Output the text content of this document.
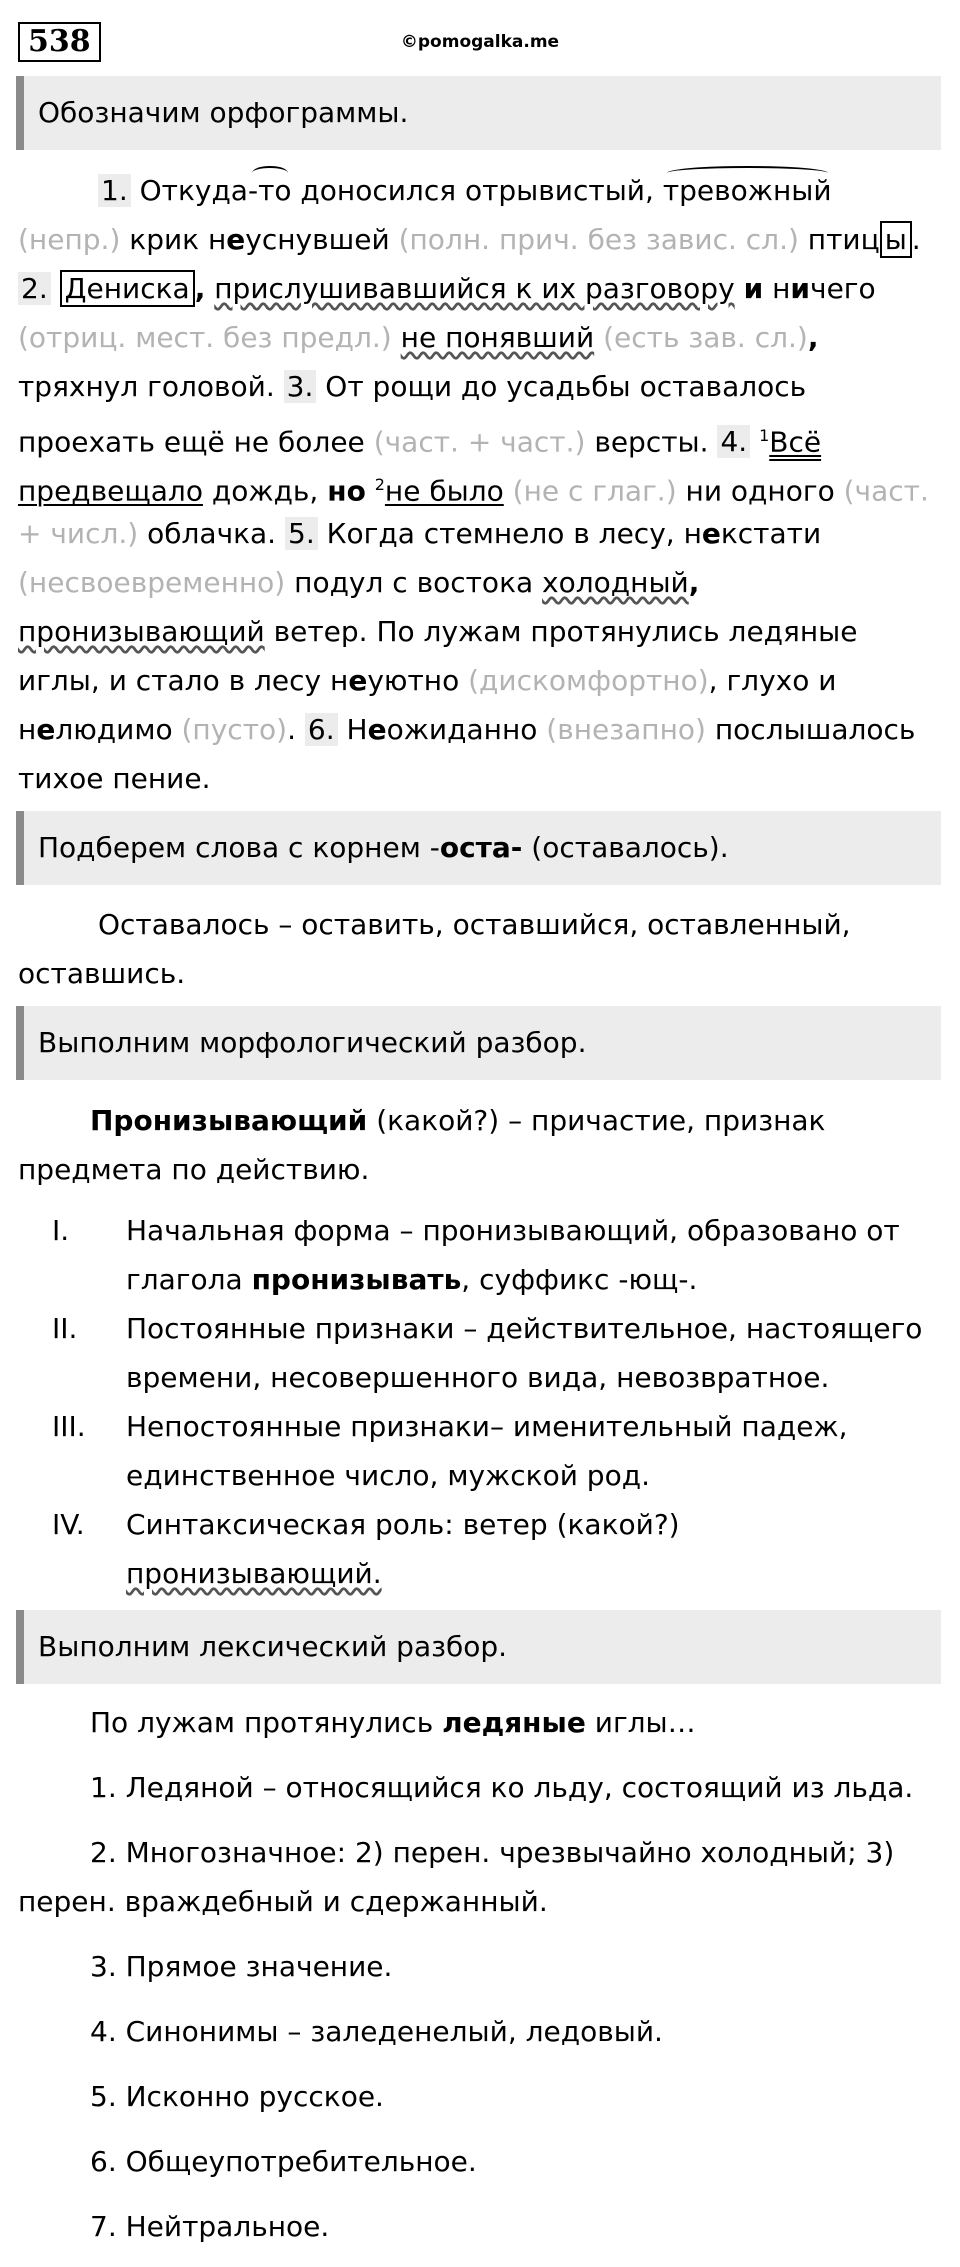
538	©pomogalka.me
Обозначим орфограммы.
1. Откуда-то доносился отрывистый, тревожный
(непр.) крик неуснувшей (полн. прич. без завис. сл.) птиц ы .
2. Дениска , прислушивавшийся к их разговору и ничего
(отриц. мест. без предл.) не понявший (есть зав. сл.),
тряхнул головой. 3. От рощи до усадьбы оставалось
проехать ещё не более (част. + част.) версты. 4. $^1$Всё
предвещало дождь, но $^2$не было (не с глаг.) ни одного (част.
+ числ.) облачка. 5. Когда стемнело в лесу, некстати
(несвоевременно) подул с востока холодный,
пронизывающий ветер. По лужам протянулись ледяные
иглы, и стало в лесу неуютно (дискомфортно), глухо и
нелюдимо (пусто). 6. Неожиданно (внезапно) послышалось
тихое пение.
Подберем слова с корнем -оста- (оставалось).
Оставалось – оставить, оставшийся, оставленный,
оставшись.
Выполним морфологический разбор.
Пронизывающий (какой?) – причастие, признак
предмета по действию.
I. Начальная форма – пронизывающий, образовано от
глагола пронизывать, суффикс -ющ-.
II. Постоянные признаки – действительное, настоящего
времени, несовершенного вида, невозвратное.
III. Непостоянные признаки– именительный падеж,
единственное число, мужской род.
IV. Синтаксическая роль: ветер (какой?)
пронизывающий.
Выполним лексический разбор.
По лужам протянулись ледяные иглы…
1. Ледяной – относящийся ко льду, состоящий из льда.
2. Многозначное: 2) перен. чрезвычайно холодный; 3) перен. враждебный и сдержанный.
3. Прямое значение.
4. Синонимы – заледенелый, ледовый.
5. Исконно русское.
6. Общеупотребительное.
7. Нейтральное.
